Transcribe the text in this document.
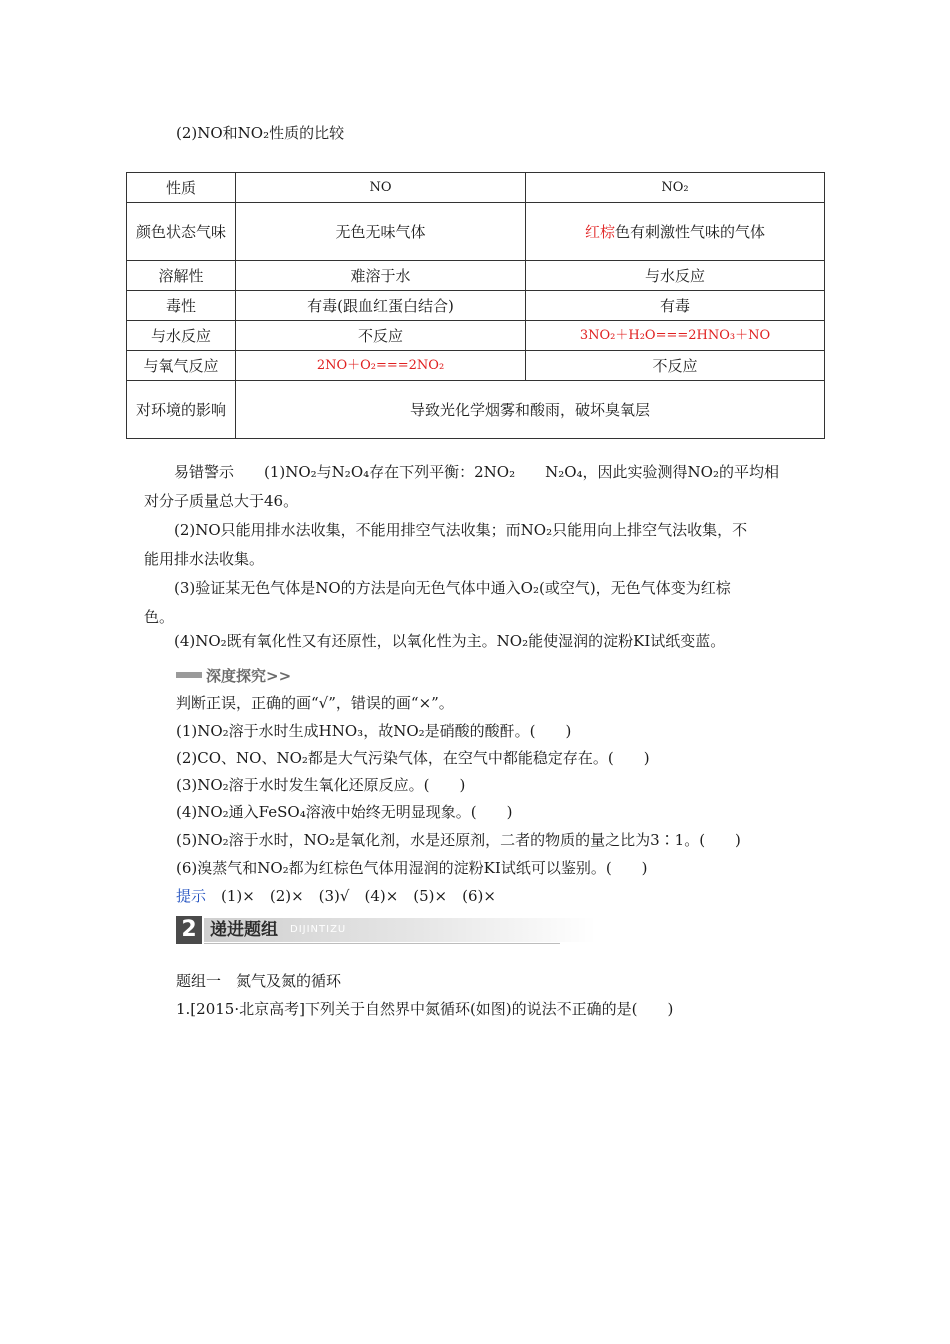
(2)NO和NO₂性质的比较
性质	NO	NO₂
颜色状态气味	无色无味气体	红棕色有刺激性气味的气体
溶解性	难溶于水	与水反应
毒性	有毒(跟血红蛋白结合)	有毒
与水反应	不反应	3NO₂＋H₂O===2HNO₃＋NO
与氧气反应	2NO＋O₂===2NO₂	不反应
对环境的影响	导致光化学烟雾和酸雨，破坏臭氧层	
易错警示　　(1)NO₂与N₂O₄存在下列平衡：2NO₂　　N₂O₄，因此实验测得NO₂的平均相
对分子质量总大于46。
(2)NO只能用排水法收集，不能用排空气法收集；而NO₂只能用向上排空气法收集，不
能用排水法收集。
(3)验证某无色气体是NO的方法是向无色气体中通入O₂(或空气)，无色气体变为红棕
色。
(4)NO₂既有氧化性又有还原性，以氧化性为主。NO₂能使湿润的淀粉KI试纸变蓝。
深度探究>>
判断正误，正确的画“√”，错误的画“×”。
(1)NO₂溶于水时生成HNO₃，故NO₂是硝酸的酸酐。(　　)
(2)CO、NO、NO₂都是大气污染气体，在空气中都能稳定存在。(　　)
(3)NO₂溶于水时发生氧化还原反应。(　　)
(4)NO₂通入FeSO₄溶液中始终无明显现象。(　　)
(5)NO₂溶于水时，NO₂是氧化剂，水是还原剂，二者的物质的量之比为3∶1。(　　)
(6)溴蒸气和NO₂都为红棕色气体用湿润的淀粉KI试纸可以鉴别。(　　)
提示　 (1)×　(2)×　(3)√　(4)×　(5)×　(6)×
2 递进题组 DIJINTIZU
题组一　氮气及氮的循环
1.[2015·北京高考]下列关于自然界中氮循环(如图)的说法不正确的是(　　)
